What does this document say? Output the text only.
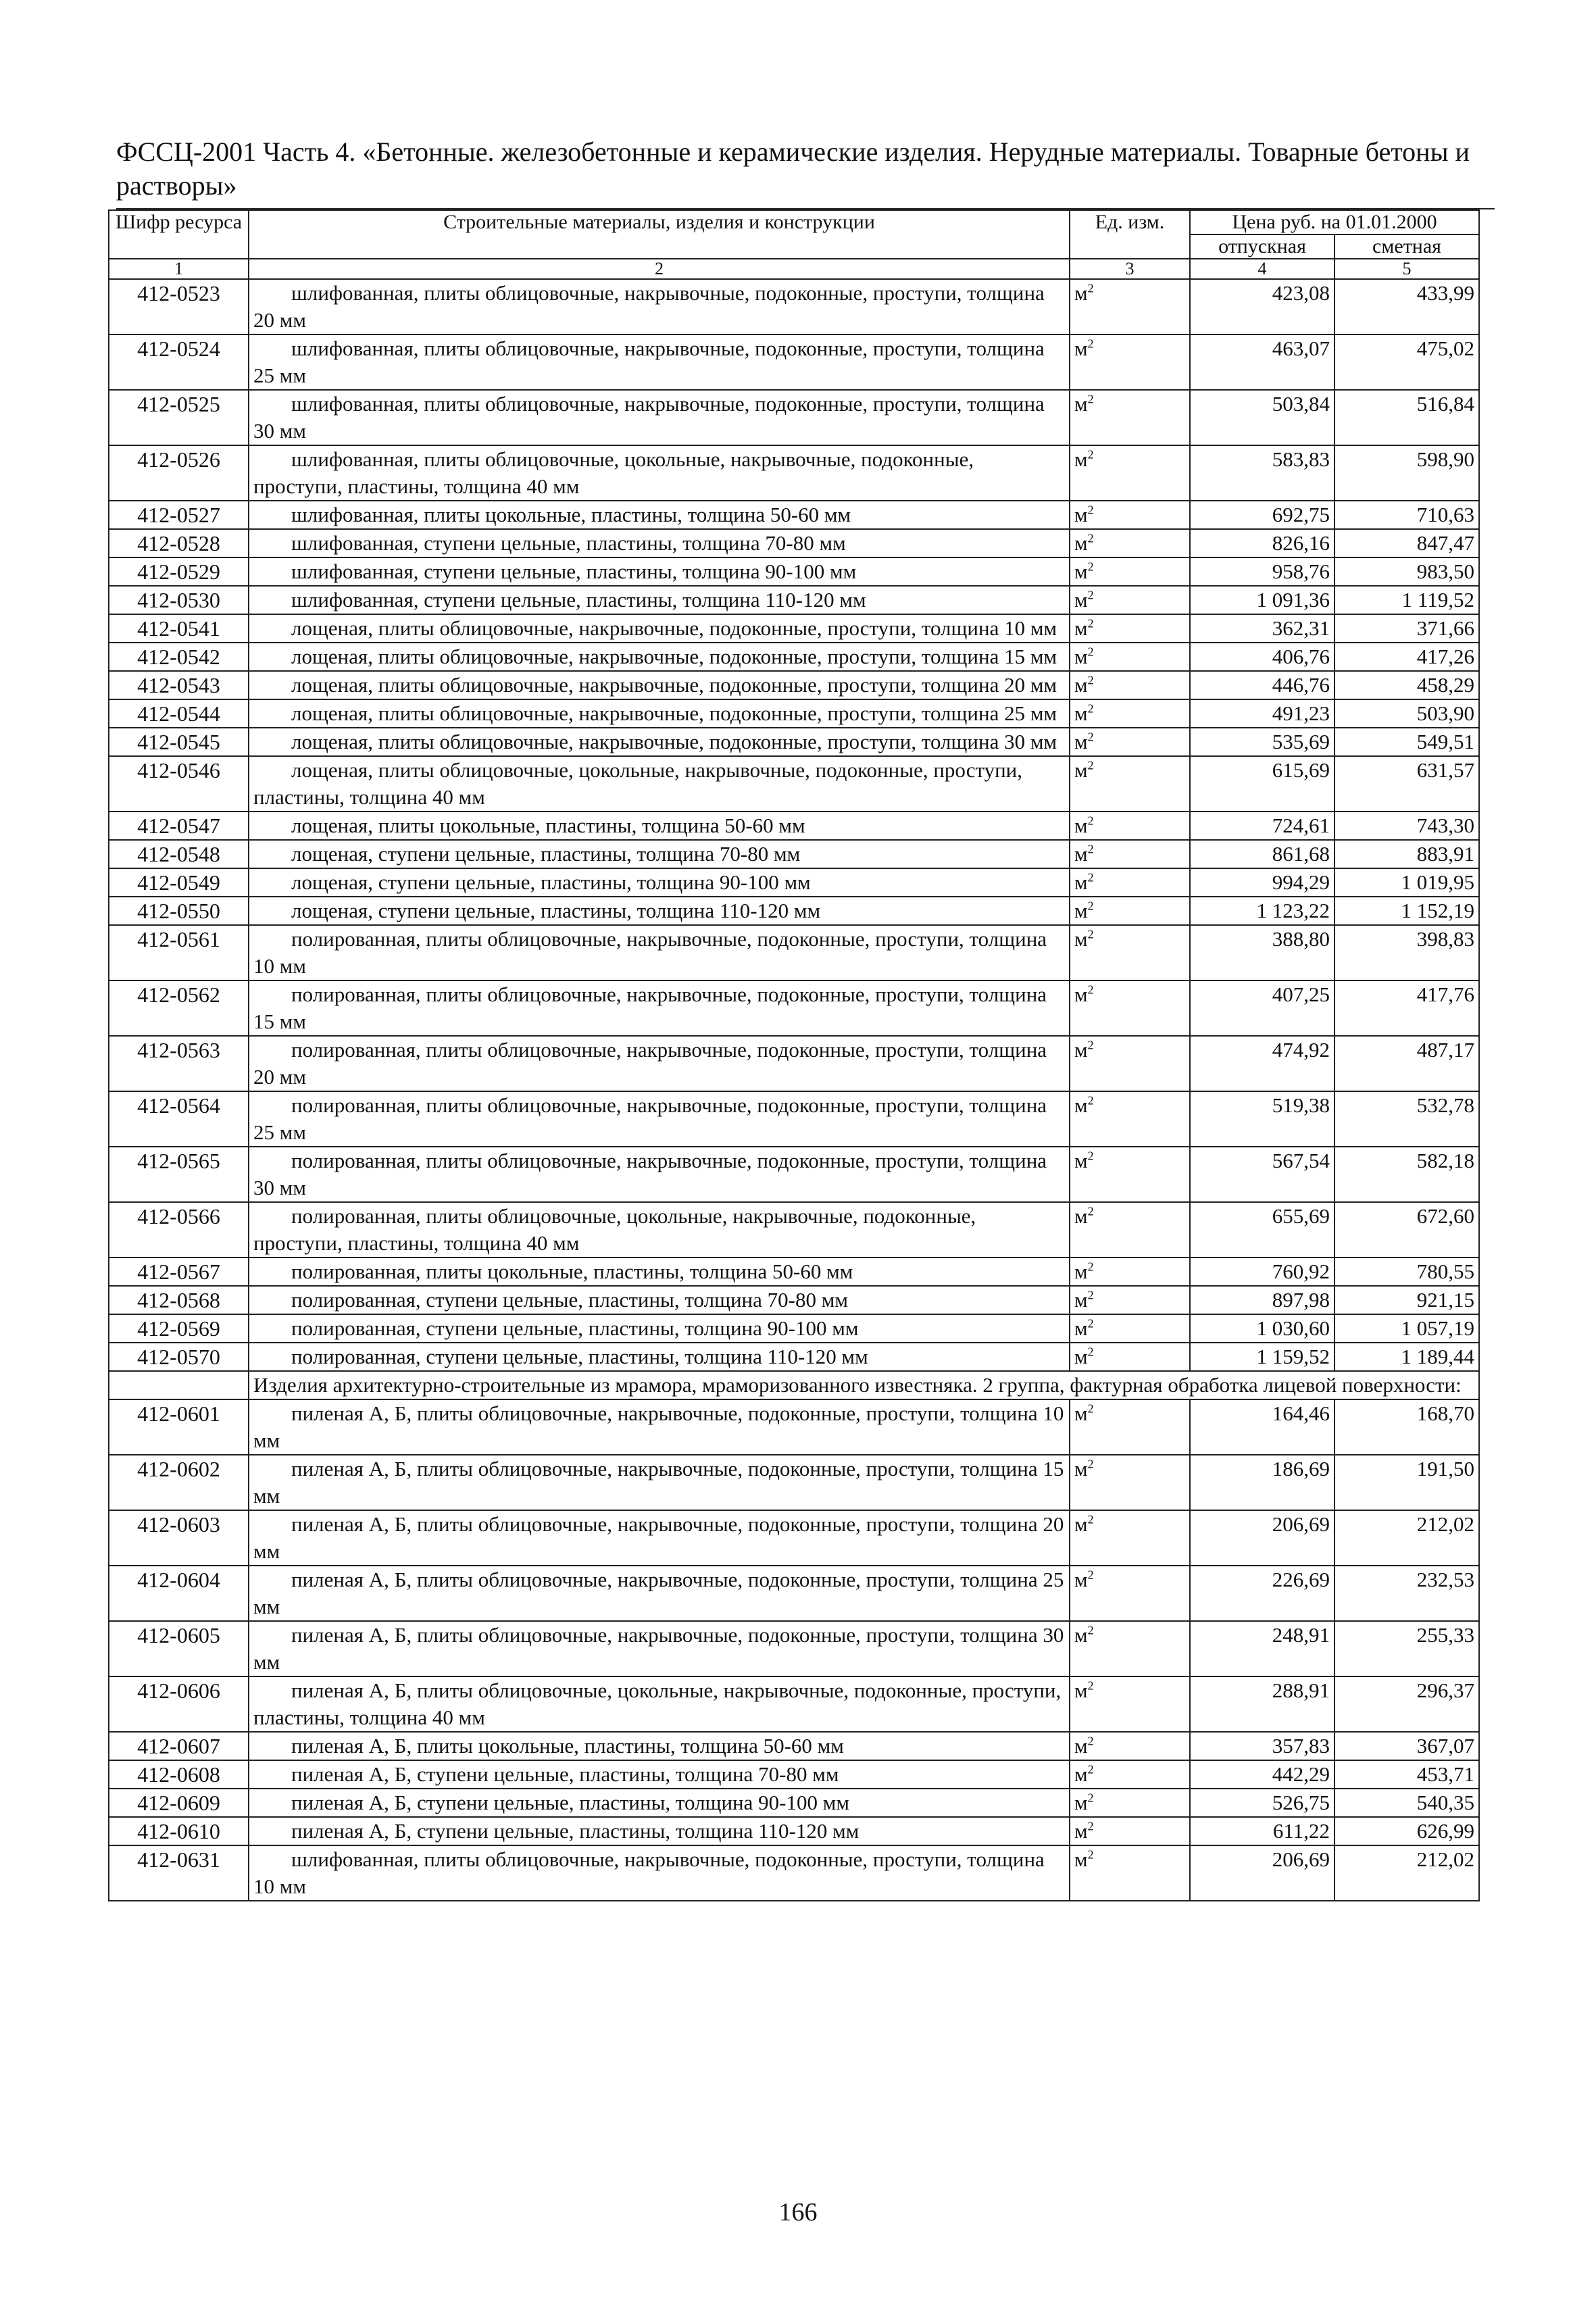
ФССЦ-2001 Часть 4. «Бетонные. железобетонные и керамические изделия. Нерудные материалы. Товарные бетоны и растворы»
Шифр ресурса	Строительные материалы, изделия и конструкции	Ед. изм.	Цена руб. на 01.01.2000	
			отпускная	сметная
1	2	3	4	5
412-0523	шлифованная, плиты облицовочные, накрывочные, подоконные, проступи, толщина 20 мм	$м^2$	423,08	433,99
412-0524	шлифованная, плиты облицовочные, накрывочные, подоконные, проступи, толщина 25 мм	$м^2$	463,07	475,02
412-0525	шлифованная, плиты облицовочные, накрывочные, подоконные, проступи, толщина 30 мм	$м^2$	503,84	516,84
412-0526	шлифованная, плиты облицовочные, цокольные, накрывочные, подоконные, проступи, пластины, толщина 40 мм	$м^2$	583,83	598,90
412-0527	шлифованная, плиты цокольные, пластины, толщина 50-60 мм	$м^2$	692,75	710,63
412-0528	шлифованная, ступени цельные, пластины, толщина 70-80 мм	$м^2$	826,16	847,47
412-0529	шлифованная, ступени цельные, пластины, толщина 90-100 мм	$м^2$	958,76	983,50
412-0530	шлифованная, ступени цельные, пластины, толщина 110-120 мм	$м^2$	1 091,36	1 119,52
412-0541	лощеная, плиты облицовочные, накрывочные, подоконные, проступи, толщина 10 мм	$м^2$	362,31	371,66
412-0542	лощеная, плиты облицовочные, накрывочные, подоконные, проступи, толщина 15 мм	$м^2$	406,76	417,26
412-0543	лощеная, плиты облицовочные, накрывочные, подоконные, проступи, толщина 20 мм	$м^2$	446,76	458,29
412-0544	лощеная, плиты облицовочные, накрывочные, подоконные, проступи, толщина 25 мм	$м^2$	491,23	503,90
412-0545	лощеная, плиты облицовочные, накрывочные, подоконные, проступи, толщина 30 мм	$м^2$	535,69	549,51
412-0546	лощеная, плиты облицовочные, цокольные, накрывочные, подоконные, проступи, пластины, толщина 40 мм	$м^2$	615,69	631,57
412-0547	лощеная, плиты цокольные, пластины, толщина 50-60 мм	$м^2$	724,61	743,30
412-0548	лощеная, ступени цельные, пластины, толщина 70-80 мм	$м^2$	861,68	883,91
412-0549	лощеная, ступени цельные, пластины, толщина 90-100 мм	$м^2$	994,29	1 019,95
412-0550	лощеная, ступени цельные, пластины, толщина 110-120 мм	$м^2$	1 123,22	1 152,19
412-0561	полированная, плиты облицовочные, накрывочные, подоконные, проступи, толщина 10 мм	$м^2$	388,80	398,83
412-0562	полированная, плиты облицовочные, накрывочные, подоконные, проступи, толщина 15 мм	$м^2$	407,25	417,76
412-0563	полированная, плиты облицовочные, накрывочные, подоконные, проступи, толщина 20 мм	$м^2$	474,92	487,17
412-0564	полированная, плиты облицовочные, накрывочные, подоконные, проступи, толщина 25 мм	$м^2$	519,38	532,78
412-0565	полированная, плиты облицовочные, накрывочные, подоконные, проступи, толщина 30 мм	$м^2$	567,54	582,18
412-0566	полированная, плиты облицовочные, цокольные, накрывочные, подоконные, проступи, пластины, толщина 40 мм	$м^2$	655,69	672,60
412-0567	полированная, плиты цокольные, пластины, толщина 50-60 мм	$м^2$	760,92	780,55
412-0568	полированная, ступени цельные, пластины, толщина 70-80 мм	$м^2$	897,98	921,15
412-0569	полированная, ступени цельные, пластины, толщина 90-100 мм	$м^2$	1 030,60	1 057,19
412-0570	полированная, ступени цельные, пластины, толщина 110-120 мм	$м^2$	1 159,52	1 189,44
	Изделия архитектурно-строительные из мрамора, мраморизованного известняка. 2 группа, фактурная обработка лицевой поверхности:			
412-0601	пиленая А, Б, плиты облицовочные, накрывочные, подоконные, проступи, толщина 10 мм	$м^2$	164,46	168,70
412-0602	пиленая А, Б, плиты облицовочные, накрывочные, подоконные, проступи, толщина 15 мм	$м^2$	186,69	191,50
412-0603	пиленая А, Б, плиты облицовочные, накрывочные, подоконные, проступи, толщина 20 мм	$м^2$	206,69	212,02
412-0604	пиленая А, Б, плиты облицовочные, накрывочные, подоконные, проступи, толщина 25 мм	$м^2$	226,69	232,53
412-0605	пиленая А, Б, плиты облицовочные, накрывочные, подоконные, проступи, толщина 30 мм	$м^2$	248,91	255,33
412-0606	пиленая А, Б, плиты облицовочные, цокольные, накрывочные, подоконные, проступи, пластины, толщина 40 мм	$м^2$	288,91	296,37
412-0607	пиленая А, Б, плиты цокольные, пластины, толщина 50-60 мм	$м^2$	357,83	367,07
412-0608	пиленая А, Б, ступени цельные, пластины, толщина 70-80 мм	$м^2$	442,29	453,71
412-0609	пиленая А, Б, ступени цельные, пластины, толщина 90-100 мм	$м^2$	526,75	540,35
412-0610	пиленая А, Б, ступени цельные, пластины, толщина 110-120 мм	$м^2$	611,22	626,99
412-0631	шлифованная, плиты облицовочные, накрывочные, подоконные, проступи, толщина 10 мм	$м^2$	206,69	212,02
166
